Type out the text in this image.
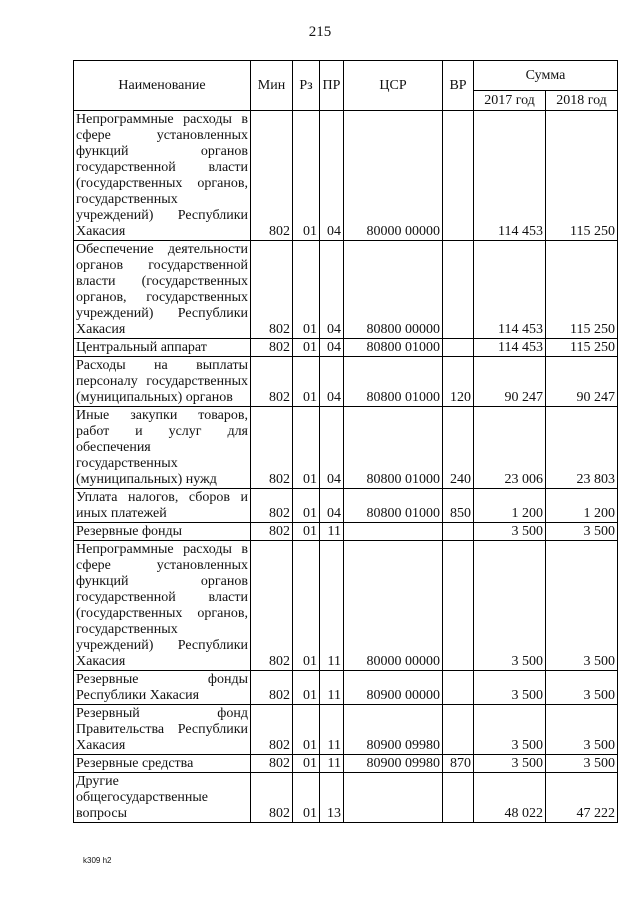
215
Наименование	Мин	Рз	ПР	ЦСР	ВР	Сумма	
						2017 год	2018 год
Непрограммные расходы в сфере установленных функций органов государственной власти (государственных органов, государственных учреждений) Республики Хакасия	802	01	04	80000 00000		114 453	115 250
Обеспечение деятельности органов государственной власти (государственных органов, государственных учреждений) Республики Хакасия	802	01	04	80800 00000		114 453	115 250
Центральный аппарат	802	01	04	80800 01000		114 453	115 250
Расходы на выплаты персоналу государственных (муниципальных) органов	802	01	04	80800 01000	120	90 247	90 247
Иные закупки товаров, работ и услуг для обеспечения государственных (муниципальных) нужд	802	01	04	80800 01000	240	23 006	23 803
Уплата налогов, сборов и иных платежей	802	01	04	80800 01000	850	1 200	1 200
Резервные фонды	802	01	11			3 500	3 500
Непрограммные расходы в сфере установленных функций органов государственной власти (государственных органов, государственных учреждений) Республики Хакасия	802	01	11	80000 00000		3 500	3 500
Резервные фонды Республики Хакасия	802	01	11	80900 00000		3 500	3 500
Резервный фонд Правительства Республики Хакасия	802	01	11	80900 09980		3 500	3 500
Резервные средства	802	01	11	80900 09980	870	3 500	3 500
Другие общегосударственные вопросы	802	01	13			48 022	47 222
k309 h2
